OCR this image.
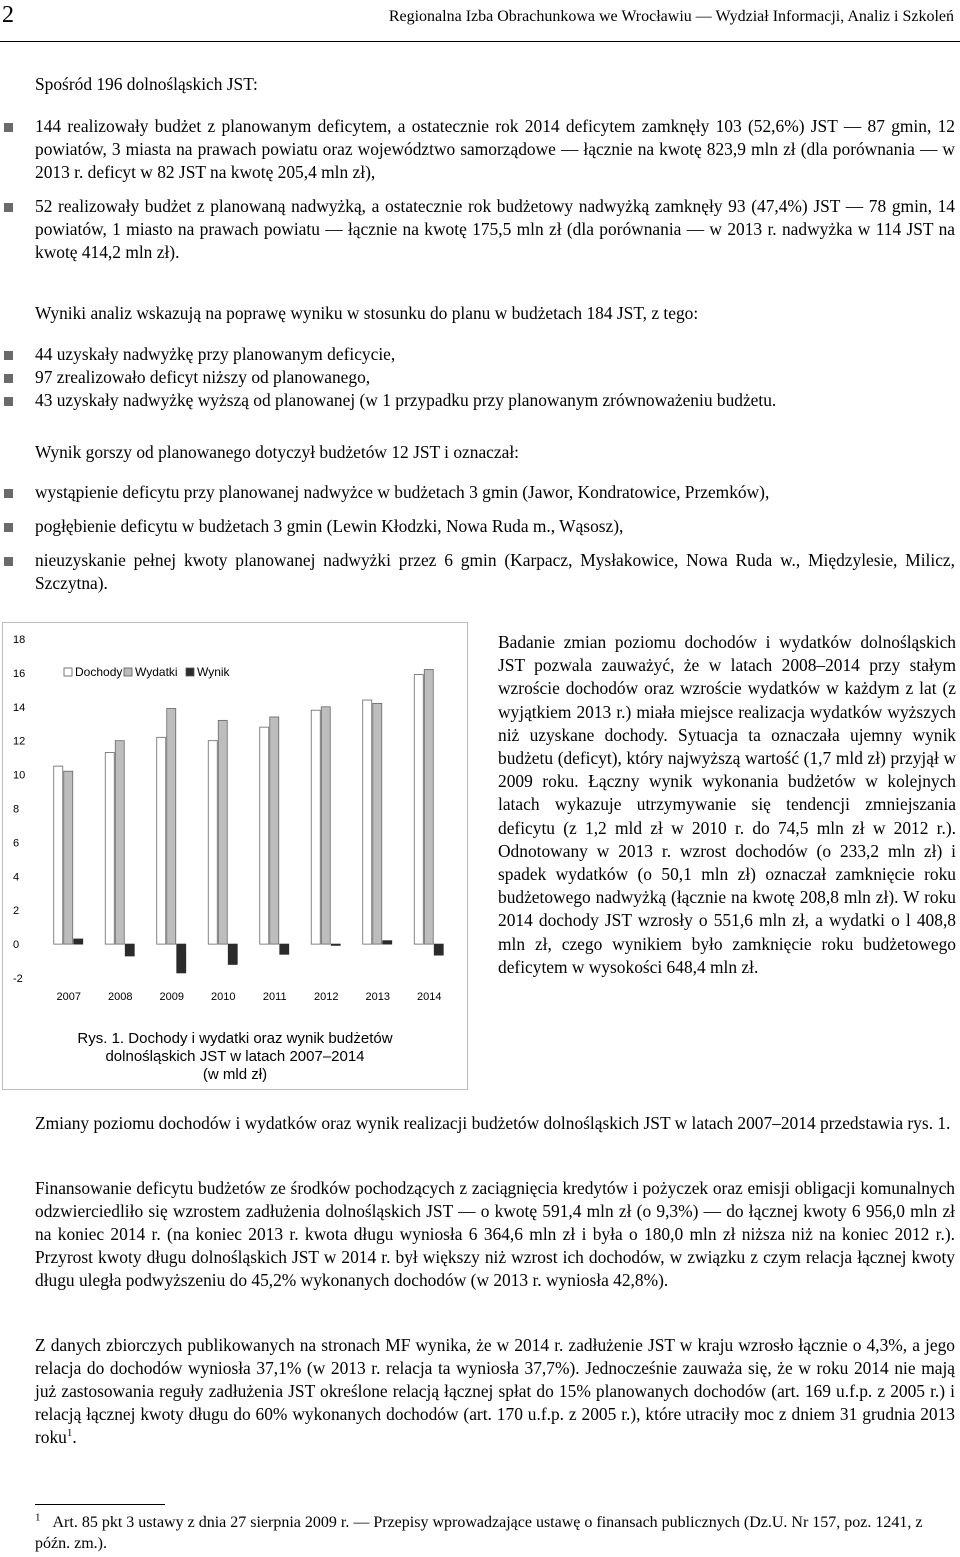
2	Regionalna Izba Obrachunkowa we Wrocławiu — Wydział Informacji, Analiz i Szkoleń

Spośród 196 dolnośląskich JST:

144 realizowały budżet z planowanym deficytem, a ostatecznie rok 2014 deficytem zamknęły 103 (52,6%) JST — 87 gmin, 12 powiatów, 3 miasta na prawach powiatu oraz województwo samorządowe — łącznie na kwotę 823,9 mln zł (dla porównania — w 2013 r. deficyt w 82 JST na kwotę 205,4 mln zł),
52 realizowały budżet z planowaną nadwyżką, a ostatecznie rok budżetowy nadwyżką zamknęły 93 (47,4%) JST — 78 gmin, 14 powiatów, 1 miasto na prawach powiatu — łącznie na kwotę 175,5 mln zł (dla porównania — w 2013 r. nadwyżka w 114 JST na kwotę 414,2 mln zł).

Wyniki analiz wskazują na poprawę wyniku w stosunku do planu w budżetach 184 JST, z tego:

44 uzyskały nadwyżkę przy planowanym deficycie,
97 zrealizowało deficyt niższy od planowanego,
43 uzyskały nadwyżkę wyższą od planowanej (w 1 przypadku przy planowanym zrównoważeniu budżetu.

Wynik gorszy od planowanego dotyczył budżetów 12 JST i oznaczał:

wystąpienie deficytu przy planowanej nadwyżce w budżetach 3 gmin (Jawor, Kondratowice, Przemków),
pogłębienie deficytu w budżetach 3 gmin (Lewin Kłodzki, Nowa Ruda m., Wąsosz),
nieuzyskanie pełnej kwoty planowanej nadwyżki przez 6 gmin (Karpacz, Mysłakowice, Nowa Ruda w., Międzylesie, Milicz, Szczytna).
18
16
14
12
10
8
6
4
2
0
-2
2007 2008 2009 2010 2011 2012 2013 2014
Dochody Wydatki Wynik
Rys. 1. Dochody i wydatki oraz wynik budżetów
dolnośląskich JST w latach 2007–2014
(w mld zł)

Badanie zmian poziomu dochodów i wydatków dolnośląskich JST pozwala zauważyć, że w latach 2008–2014 przy stałym wzroście dochodów oraz wzroście wydatków w każdym z lat (z wyjątkiem 2013 r.) miała miejsce realizacja wydatków wyższych niż uzyskane dochody. Sytuacja ta oznaczała ujemny wynik budżetu (deficyt), który najwyższą wartość (1,7 mld zł) przyjął w 2009 roku. Łączny wynik wykonania budżetów w kolejnych latach wykazuje utrzymywanie się tendencji zmniejszania deficytu (z 1,2 mld zł w 2010 r. do 74,5 mln zł w 2012 r.). Odnotowany w 2013 r. wzrost dochodów (o 233,2 mln zł) i spadek wydatków (o 50,1 mln zł) oznaczał zamknięcie roku budżetowego nadwyżką (łącznie na kwotę 208,8 mln zł). W roku 2014 dochody JST wzrosły o 551,6 mln zł, a wydatki o l 408,8 mln zł, czego wynikiem było zamknięcie roku budżetowego deficytem w wysokości 648,4 mln zł.

Zmiany poziomu dochodów i wydatków oraz wynik realizacji budżetów dolnośląskich JST w latach 2007–2014 przedstawia rys. 1.

Finansowanie deficytu budżetów ze środków pochodzących z zaciągnięcia kredytów i pożyczek oraz emisji obligacji komunalnych odzwierciedliło się wzrostem zadłużenia dolnośląskich JST — o kwotę 591,4 mln zł (o 9,3%) — do łącznej kwoty 6 956,0 mln zł na koniec 2014 r. (na koniec 2013 r. kwota długu wyniosła 6 364,6 mln zł i była o 180,0 mln zł niższa niż na koniec 2012 r.). Przyrost kwoty długu dolnośląskich JST w 2014 r. był większy niż wzrost ich dochodów, w związku z czym relacja łącznej kwoty długu uległa podwyższeniu do 45,2% wykonanych dochodów (w 2013 r. wyniosła 42,8%).

Z danych zbiorczych publikowanych na stronach MF wynika, że w 2014 r. zadłużenie JST w kraju wzrosło łącznie o 4,3%, a jego relacja do dochodów wyniosła 37,1% (w 2013 r. relacja ta wyniosła 37,7%). Jednocześnie zauważa się, że w roku 2014 nie mają już zastosowania reguły zadłużenia JST określone relacją łącznej spłat do 15% planowanych dochodów (art. 169 u.f.p. z 2005 r.) i relacją łącznej kwoty długu do 60% wykonanych dochodów (art. 170 u.f.p. z 2005 r.), które utraciły moc z dniem 31 grudnia 2013 roku$^1$.

$^1$ Art. 85 pkt 3 ustawy z dnia 27 sierpnia 2009 r. — Przepisy wprowadzające ustawę o finansach publicznych (Dz.U. Nr 157, poz. 1241, z późn. zm.).
